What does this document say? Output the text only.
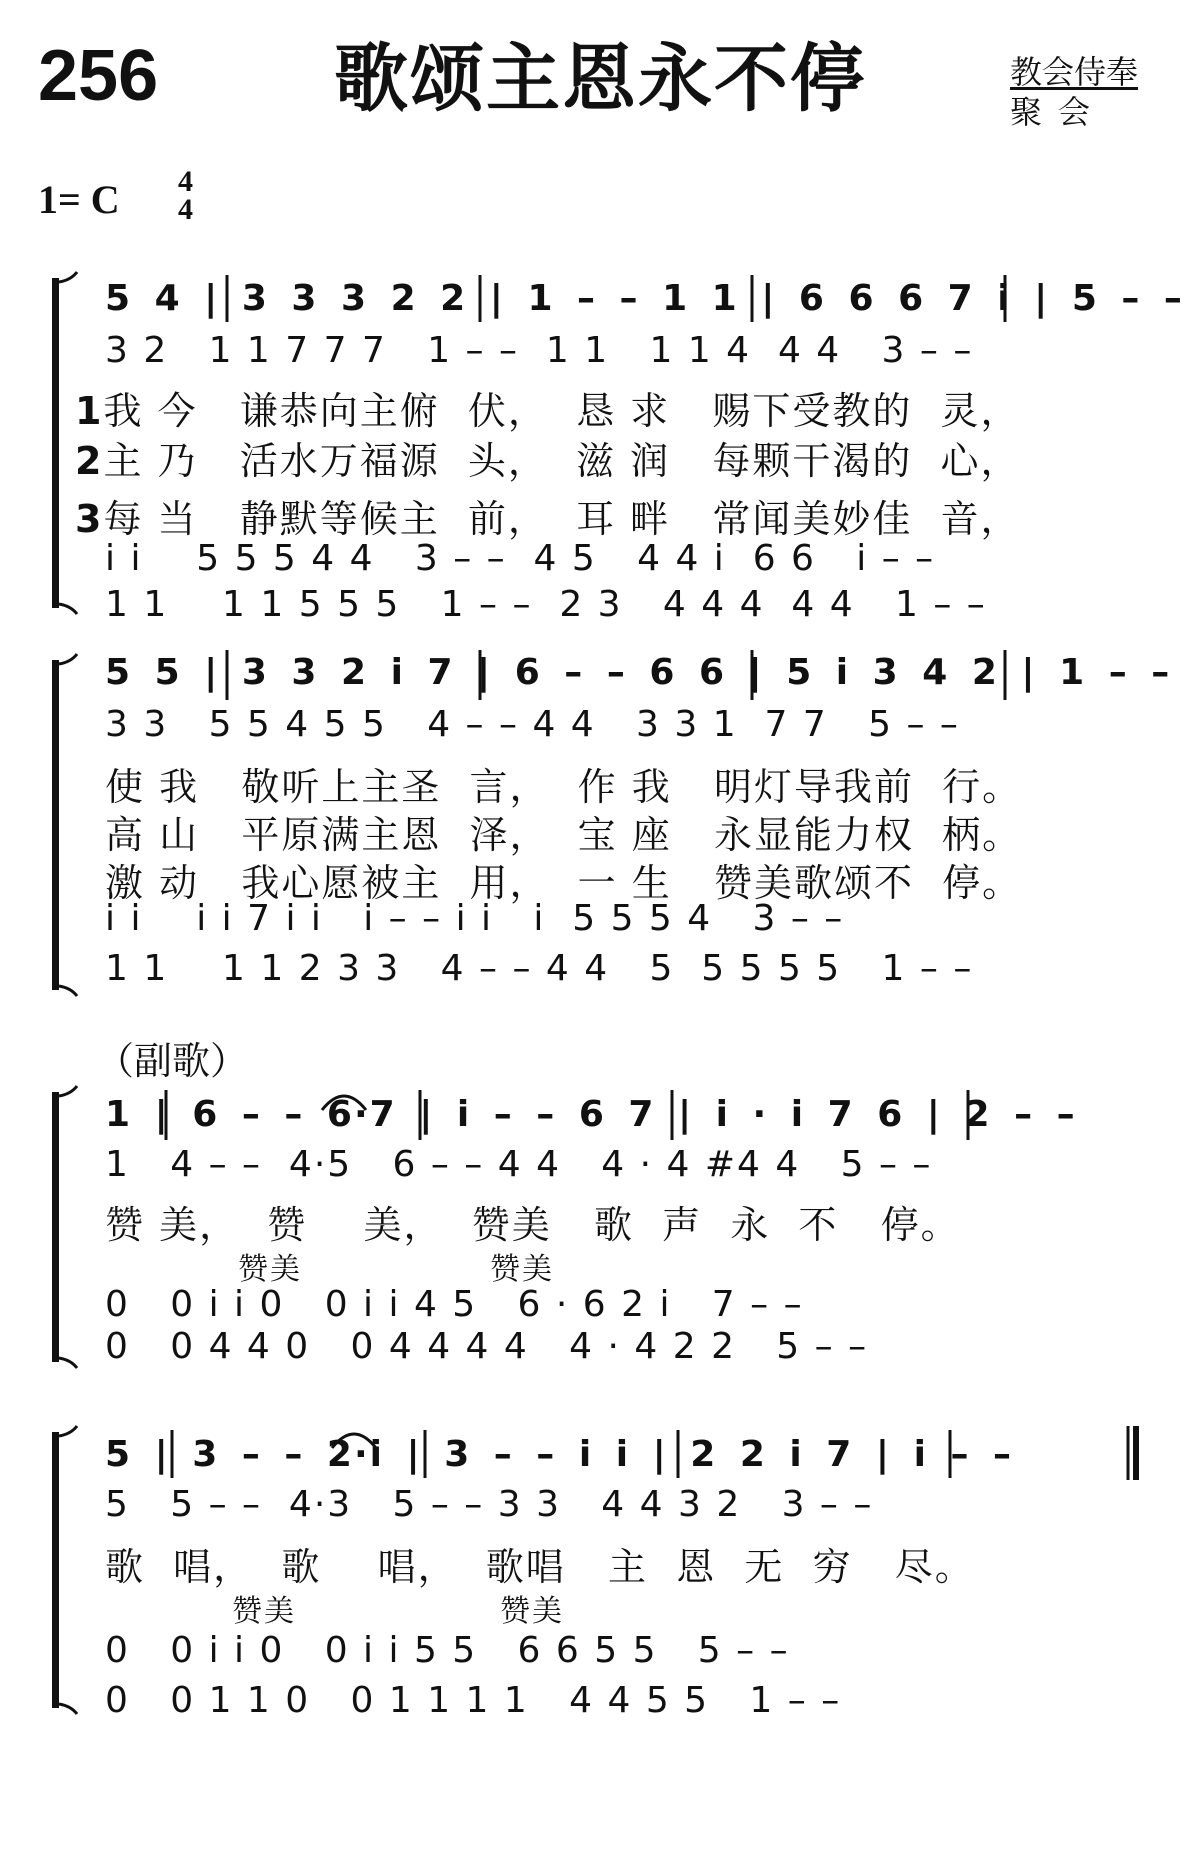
256	歌颂主恩永不停	教会侍奉
聚会
1= C 4
4
5 4 | 3 3 3 2 2 | 1 – – 1 1 | 6 6 6 7 i | 5 – –
3 2   1 1 7 7 7   1 – –  1 1   1 1 4  4 4   3 – –
1我 今   谦恭向主俯  伏，  恳 求   赐下受教的  灵，
2主 乃   活水万福源  头，  滋 润   每颗干渴的  心，
3每 当   静默等候主  前，  耳 畔   常闻美妙佳  音，
i i    5 5 5 4 4   3 – –  4 5   4 4 i  6 6   i – –
1 1    1 1 5 5 5   1 – –  2 3   4 4 4  4 4   1 – –
5 5 | 3 3 2 i 7 | 6 – – 6 6 | 5 i 3 4 2 | 1 – –
3 3   5 5 4 5 5   4 – – 4 4   3 3 1  7 7   5 – –
使 我   敬听上主圣  言，  作 我   明灯导我前  行。
高 山   平原满主恩  泽，  宝 座   永显能力权  柄。
激 动   我心愿被主  用，  一 生   赞美歌颂不  停。
i i    i i 7 i i   i – – i i   i  5 5 5 4   3 – –
1 1    1 1 2 3 3   4 – – 4 4   5  5 5 5 5   1 – –
（副歌）
1 | 6 – – 6·7 | i – – 6 7 | i · i 7 6 | 2 – –
1   4 – –  4·5   6 – – 4 4   4 · 4 #4 4   5 – –
赞 美，  赞    美，  赞美   歌  声  永  不   停。
赞美	赞美
0   0 i i 0   0 i i 4 5   6 · 6 2 i   7 – –
0   0 4 4 0   0 4 4 4 4   4 · 4 2 2   5 – –
5 | 3 – – 2·i | 3 – – i i | 2 2 i 7 | i – –
5   5 – –  4·3   5 – – 3 3   4 4 3 2   3 – –
歌  唱，  歌    唱，  歌唱   主  恩  无  穷   尽。
赞美	赞美
0   0 i i 0   0 i i 5 5   6 6 5 5   5 – –
0   0 1 1 0   0 1 1 1 1   4 4 5 5   1 – –
